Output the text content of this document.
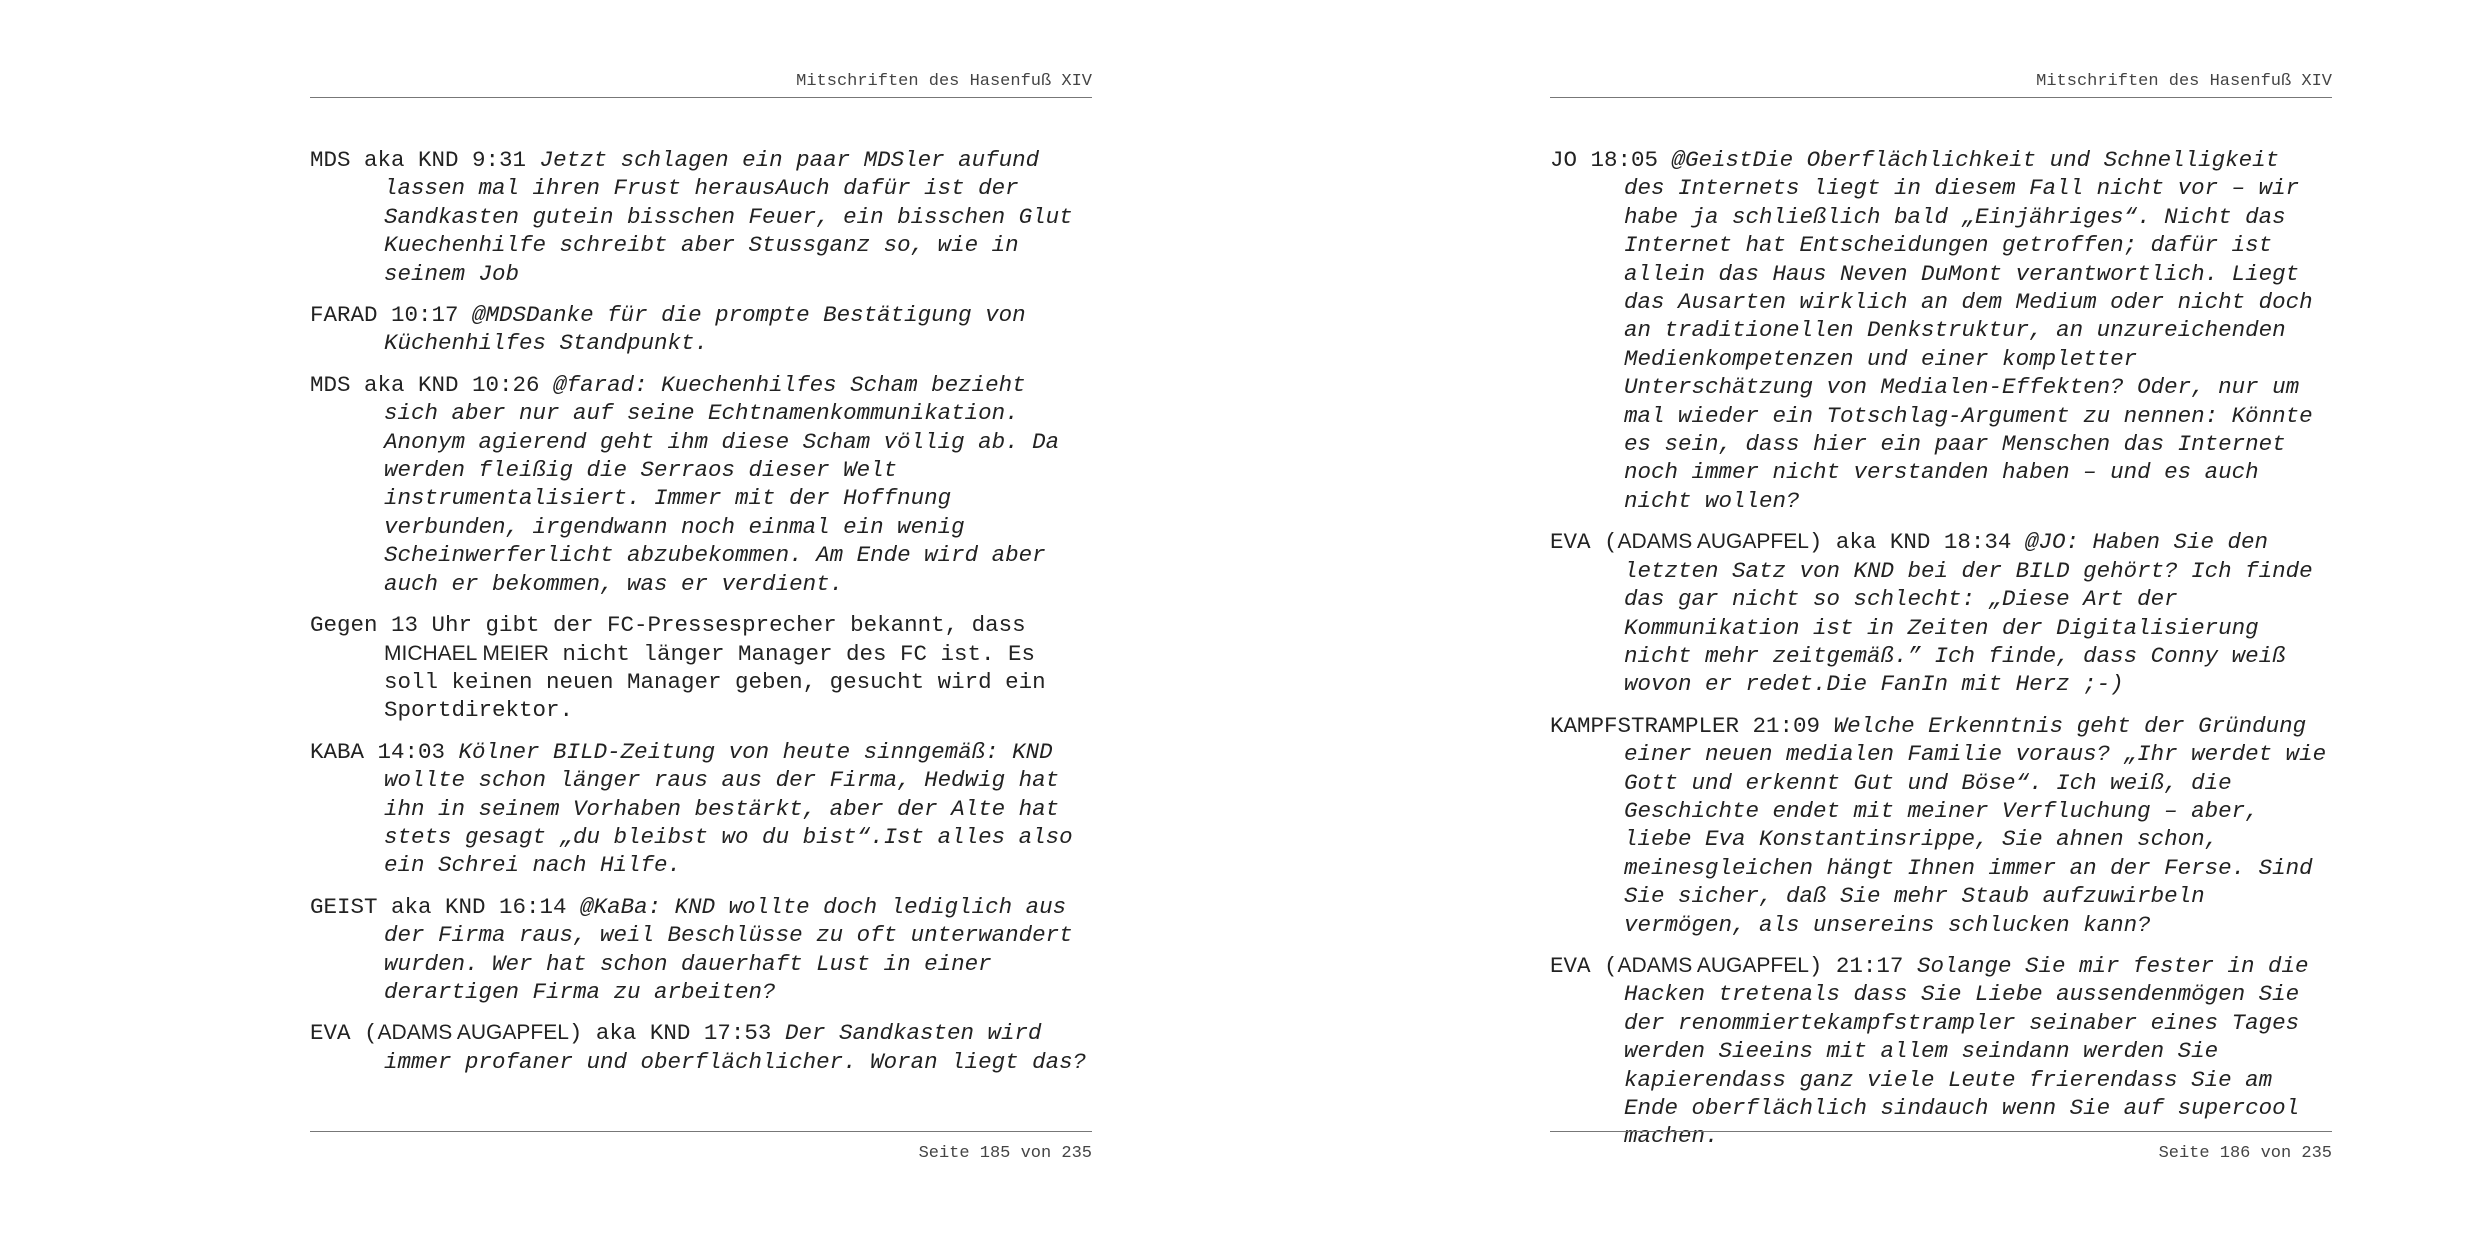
Mitschriften des Hasenfuß XIV

MDS aka KND 9:31 Jetzt schlagen ein paar MDSler aufund lassen mal ihren Frust herausAuch dafür ist der Sandkasten gutein bisschen Feuer, ein bisschen Glut Kuechenhilfe schreibt aber Stussganz so, wie in seinem Job

FARAD 10:17 @MDSDanke für die prompte Bestätigung von Küchenhilfes Standpunkt.

MDS aka KND 10:26 @farad: Kuechenhilfes Scham bezieht sich aber nur auf seine Echtnamenkommunikation. Anonym agierend geht ihm diese Scham völlig ab. Da werden fleißig die Serraos dieser Welt instrumentalisiert. Immer mit der Hoffnung verbunden, irgendwann noch einmal ein wenig Scheinwerferlicht abzubekommen. Am Ende wird aber auch er bekommen, was er verdient.

Gegen 13 Uhr gibt der FC-Pressesprecher bekannt, dass MICHAEL MEIER nicht länger Manager des FC ist. Es soll keinen neuen Manager geben, gesucht wird ein Sportdirektor.

KABA 14:03 Kölner BILD-Zeitung von heute sinngemäß: KND wollte schon länger raus aus der Firma, Hedwig hat ihn in seinem Vorhaben bestärkt, aber der Alte hat stets gesagt „du bleibst wo du bist“.Ist alles also ein Schrei nach Hilfe.

GEIST aka KND 16:14 @KaBa: KND wollte doch lediglich aus der Firma raus, weil Beschlüsse zu oft unterwandert wurden. Wer hat schon dauerhaft Lust in einer derartigen Firma zu arbeiten?

EVA (ADAMS AUGAPFEL) aka KND 17:53 Der Sandkasten wird immer profaner und oberflächlicher. Woran liegt das?

Seite 185 von 235
Mitschriften des Hasenfuß XIV

JO 18:05 @GeistDie Oberflächlichkeit und Schnelligkeit des Internets liegt in diesem Fall nicht vor – wir habe ja schließlich bald „Einjähriges“. Nicht das Internet hat Entscheidungen getroffen; dafür ist allein das Haus Neven DuMont verantwortlich. Liegt das Ausarten wirklich an dem Medium oder nicht doch an traditionellen Denkstruktur, an unzureichenden Medienkompetenzen und einer kompletter Unterschätzung von Medialen-Effekten? Oder, nur um mal wieder ein Totschlag-Argument zu nennen: Könnte es sein, dass hier ein paar Menschen das Internet noch immer nicht verstanden haben – und es auch nicht wollen?

EVA (ADAMS AUGAPFEL) aka KND 18:34 @JO: Haben Sie den letzten Satz von KND bei der BILD gehört? Ich finde das gar nicht so schlecht: „Diese Art der Kommunikation ist in Zeiten der Digitalisierung nicht mehr zeitgemäß.” Ich finde, dass Conny weiß wovon er redet.Die FanIn mit Herz ;-)

KAMPFSTRAMPLER 21:09 Welche Erkenntnis geht der Gründung einer neuen medialen Familie voraus? „Ihr werdet wie Gott und erkennt Gut und Böse“. Ich weiß, die Geschichte endet mit meiner Verfluchung – aber, liebe Eva Konstantinsrippe, Sie ahnen schon, meinesgleichen hängt Ihnen immer an der Ferse. Sind Sie sicher, daß Sie mehr Staub aufzuwirbeln vermögen, als unsereins schlucken kann?

EVA (ADAMS AUGAPFEL) 21:17 Solange Sie mir fester in die Hacken tretenals dass Sie Liebe aussendenmögen Sie der renommiertekampfstrampler seinaber eines Tages werden Sieeins mit allem seindann werden Sie kapierendass ganz viele Leute frierendass Sie am Ende oberflächlich sindauch wenn Sie auf supercool machen.

Seite 186 von 235
